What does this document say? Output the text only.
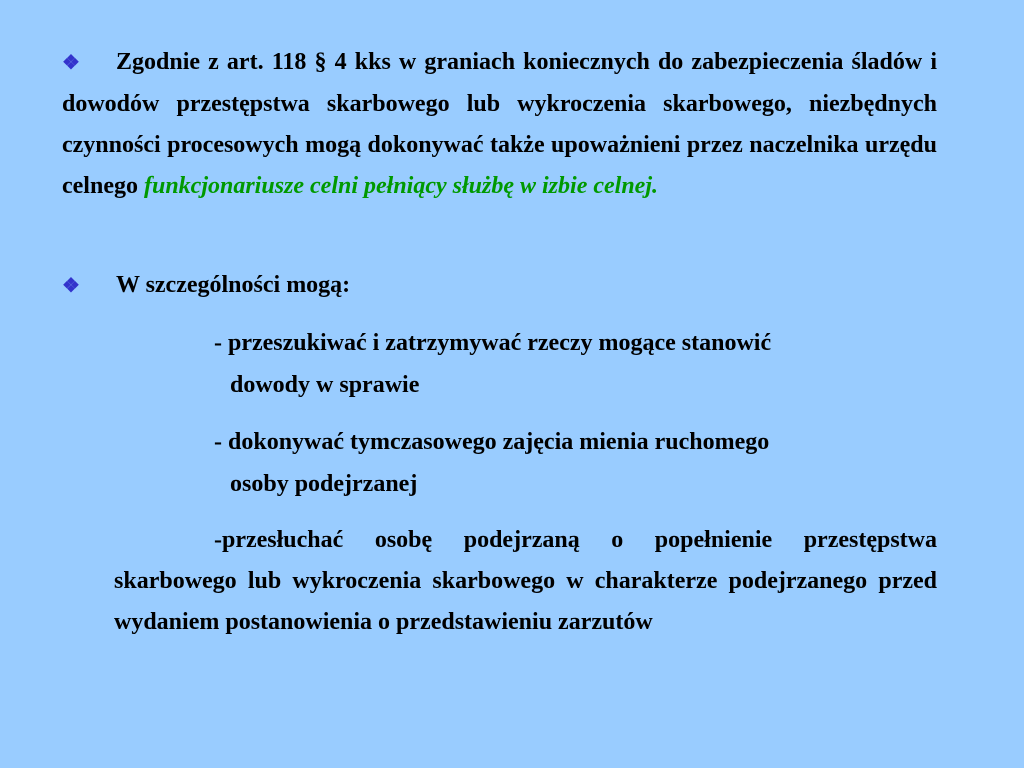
❖ Zgodnie z art. 118 § 4 kks w graniach koniecznych do zabezpieczenia śladów i dowodów przestępstwa skarbowego lub wykroczenia skarbowego, niezbędnych czynności procesowych mogą dokonywać także upoważnieni przez naczelnika urzędu celnego funkcjonariusze celni pełniący służbę w izbie celnej.
❖ W szczególności mogą:
- przeszukiwać i zatrzymywać rzeczy mogące stanowić
dowody w sprawie
- dokonywać tymczasowego zajęcia mienia ruchomego
osoby podejrzanej
-przesłuchać osobę podejrzaną o popełnienie przestępstwa skarbowego lub wykroczenia skarbowego w charakterze podejrzanego przed wydaniem postanowienia o przedstawieniu zarzutów
